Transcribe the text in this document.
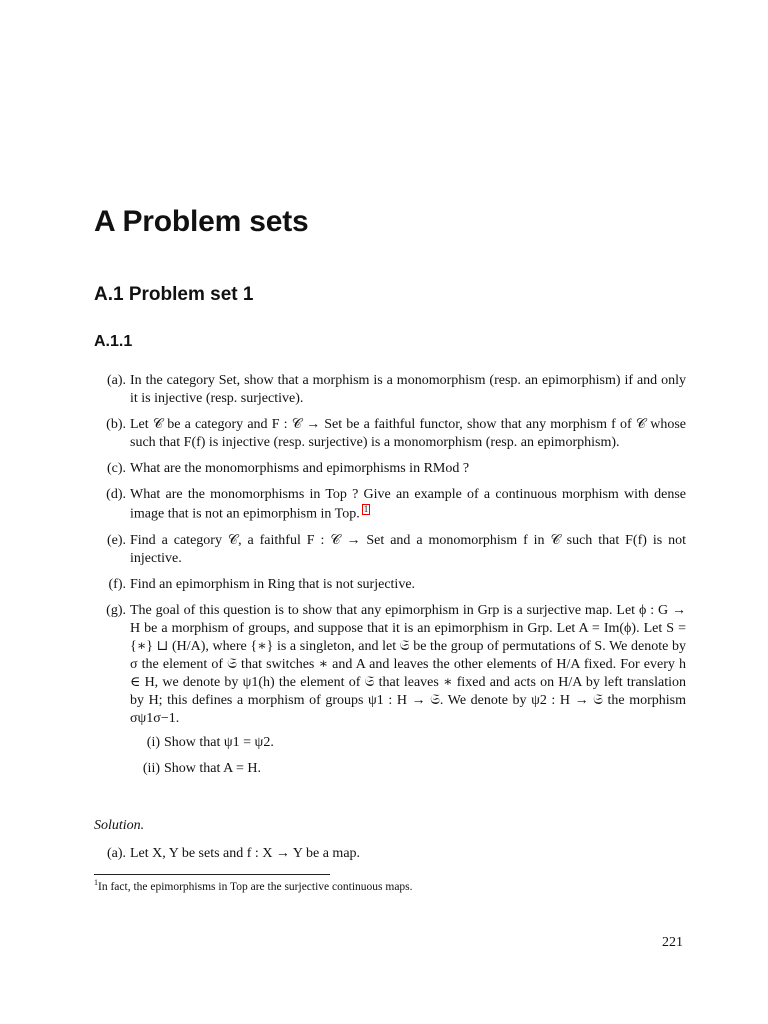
A Problem sets
A.1 Problem set 1
A.1.1
(a). In the category Set, show that a morphism is a monomorphism (resp. an epimorphism) if and only it is injective (resp. surjective).
(b). Let 𝒞 be a category and F : 𝒞 → Set be a faithful functor, show that any morphism f of 𝒞 whose such that F(f) is injective (resp. surjective) is a monomorphism (resp. an epimorphism).
(c). What are the monomorphisms and epimorphisms in RMod ?
(d). What are the monomorphisms in Top ? Give an example of a continuous morphism with dense image that is not an epimorphism in Top. 1
(e). Find a category 𝒞, a faithful F : 𝒞 → Set and a monomorphism f in 𝒞 such that F(f) is not injective.
(f). Find an epimorphism in Ring that is not surjective.
(g). The goal of this question is to show that any epimorphism in Grp is a surjective map. Let ϕ : G → H be a morphism of groups, and suppose that it is an epimorphism in Grp. Let A = Im(ϕ). Let S = {∗} ⊔ (H/A), where {∗} is a singleton, and let 𝔖 be the group of permutations of S. We denote by σ the element of 𝔖 that switches ∗ and A and leaves the other elements of H/A fixed. For every h ∈ H, we denote by ψ1(h) the element of 𝔖 that leaves ∗ fixed and acts on H/A by left translation by H; this defines a morphism of groups ψ1 : H → 𝔖. We denote by ψ2 : H → 𝔖 the morphism σψ1σ−1.
(i) Show that ψ1 = ψ2.
(ii) Show that A = H.
Solution.
(a). Let X, Y be sets and f : X → Y be a map.
$^1$In fact, the epimorphisms in Top are the surjective continuous maps.
221
